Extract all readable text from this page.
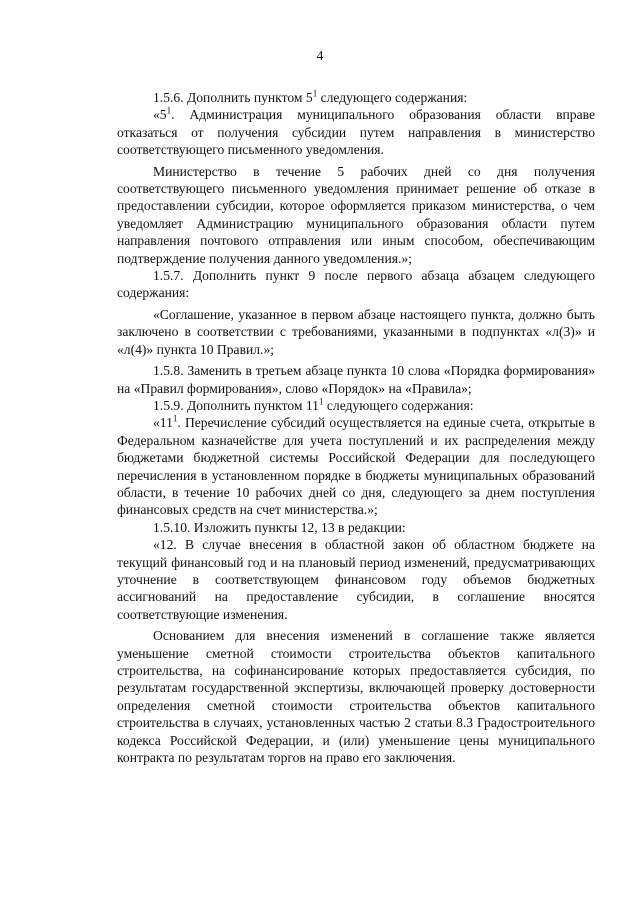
4

1.5.6. Дополнить пунктом $5^1$ следующего содержания:

«$5^1$. Администрация муниципального образования области вправе отказаться от получения субсидии путем направления в министерство соответствующего письменного уведомления.

Министерство в течение 5 рабочих дней со дня получения соответствующего письменного уведомления принимает решение об отказе в предоставлении субсидии, которое оформляется приказом министерства, о чем уведомляет Администрацию муниципального образования области путем направления почтового отправления или иным способом, обеспечивающим подтверждение получения данного уведомления.»;

1.5.7. Дополнить пункт 9 после первого абзаца абзацем следующего содержания:

«Соглашение, указанное в первом абзаце настоящего пункта, должно быть заключено в соответствии с требованиями, указанными в подпунктах «л(3)» и «л(4)» пункта 10 Правил.»;

1.5.8. Заменить в третьем абзаце пункта 10 слова «Порядка формирования» на «Правил формирования», слово «Порядок» на «Правила»;

1.5.9. Дополнить пунктом $11^1$ следующего содержания:

«$11^1$. Перечисление субсидий осуществляется на единые счета, открытые в Федеральном казначействе для учета поступлений и их распределения между бюджетами бюджетной системы Российской Федерации для последующего перечисления в установленном порядке в бюджеты муниципальных образований области, в течение 10 рабочих дней со дня, следующего за днем поступления финансовых средств на счет министерства.»;

1.5.10. Изложить пункты 12, 13 в редакции:

«12. В случае внесения в областной закон об областном бюджете на текущий финансовый год и на плановый период изменений, предусматривающих уточнение в соответствующем финансовом году объемов бюджетных ассигнований на предоставление субсидии, в соглашение вносятся соответствующие изменения.

Основанием для внесения изменений в соглашение также является уменьшение сметной стоимости строительства объектов капитального строительства, на софинансирование которых предоставляется субсидия, по результатам государственной экспертизы, включающей проверку достоверности определения сметной стоимости строительства объектов капитального строительства в случаях, установленных частью 2 статьи 8.3 Градостроительного кодекса Российской Федерации, и (или) уменьшение цены муниципального контракта по результатам торгов на право его заключения.
